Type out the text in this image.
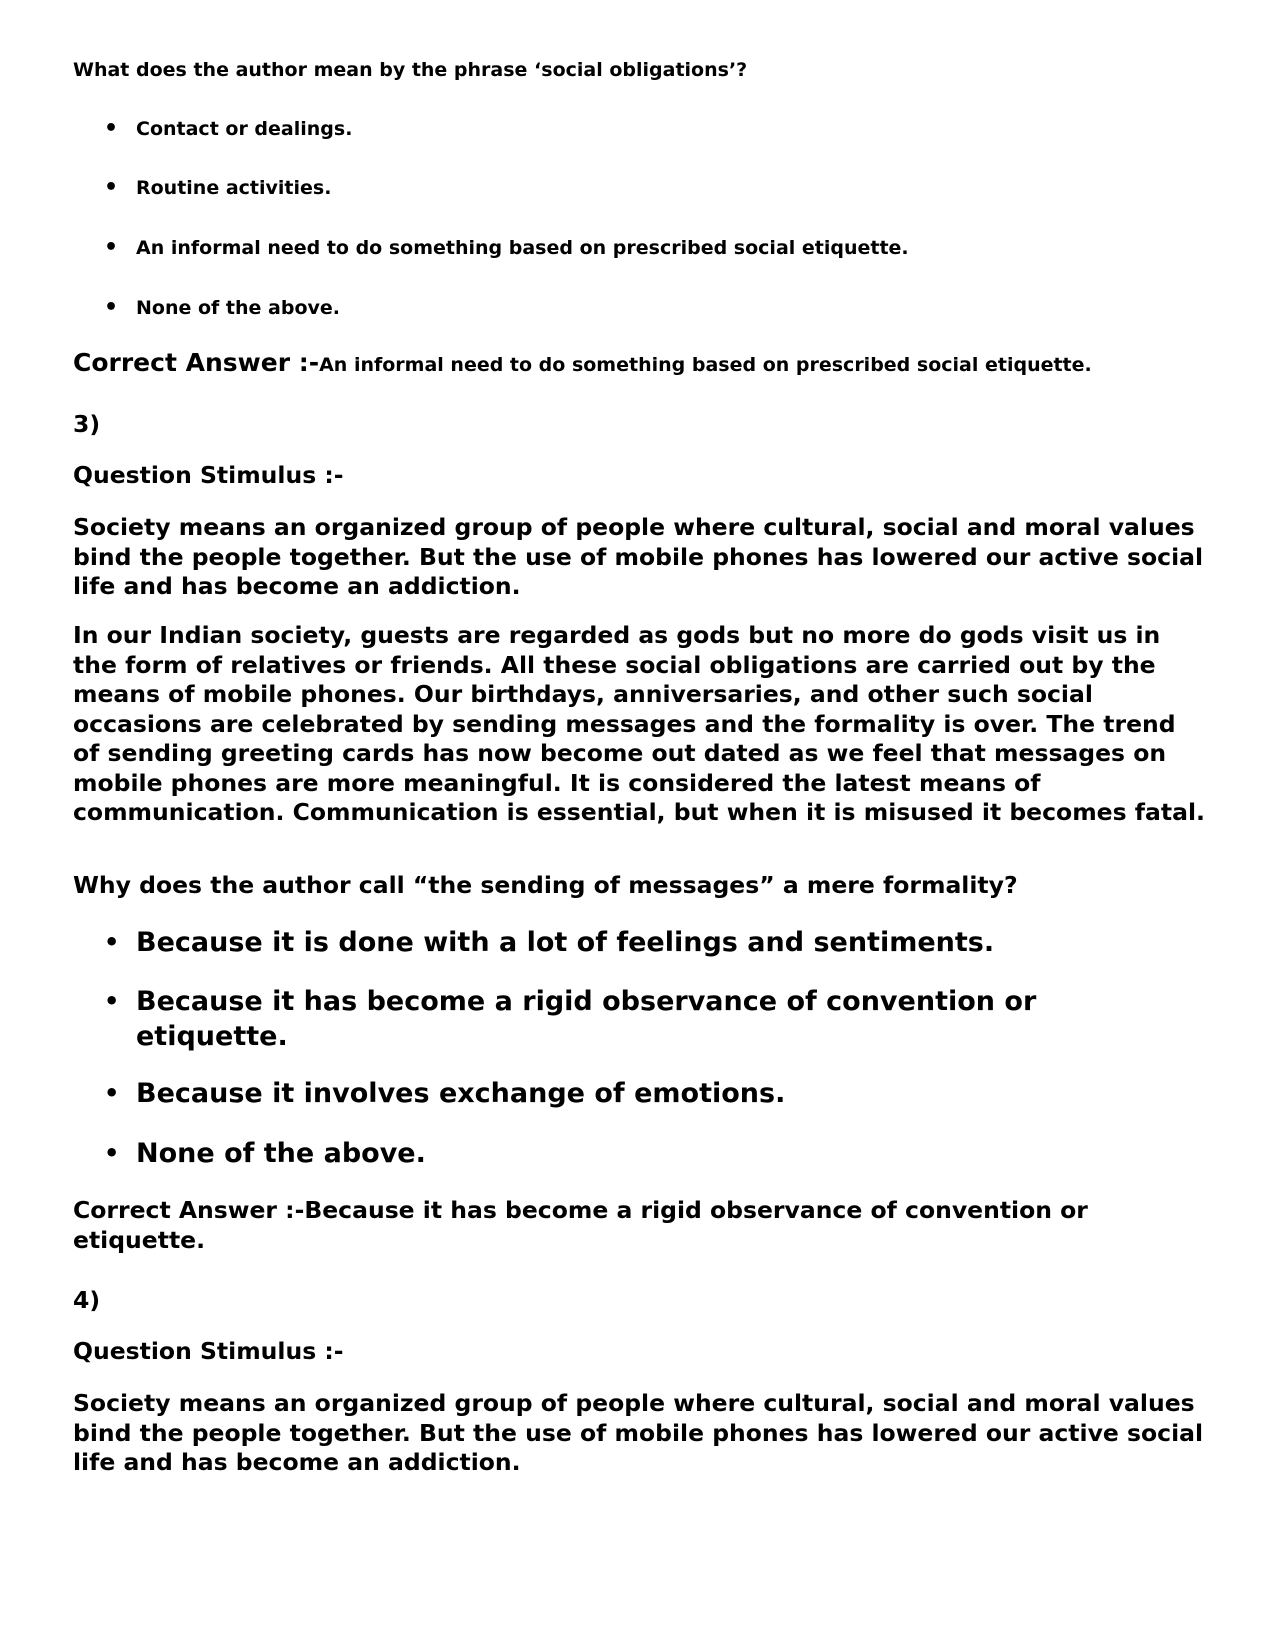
What does the author mean by the phrase ‘social obligations’?
• Contact or dealings.
• Routine activities.
• An informal need to do something based on prescribed social etiquette.
• None of the above.
Correct Answer :-An informal need to do something based on prescribed social etiquette.
3)
Question Stimulus :-
Society means an organized group of people where cultural, social and moral values bind the people together. But the use of mobile phones has lowered our active social life and has become an addiction.
In our Indian society, guests are regarded as gods but no more do gods visit us in the form of relatives or friends. All these social obligations are carried out by the means of mobile phones. Our birthdays, anniversaries, and other such social occasions are celebrated by sending messages and the formality is over. The trend of sending greeting cards has now become out dated as we feel that messages on mobile phones are more meaningful. It is considered the latest means of communication. Communication is essential, but when it is misused it becomes fatal.
Why does the author call “the sending of messages” a mere formality?
• Because it is done with a lot of feelings and sentiments.
• Because it has become a rigid observance of convention or etiquette.
• Because it involves exchange of emotions.
• None of the above.
Correct Answer :-Because it has become a rigid observance of convention or etiquette.
4)
Question Stimulus :-
Society means an organized group of people where cultural, social and moral values bind the people together. But the use of mobile phones has lowered our active social life and has become an addiction.
